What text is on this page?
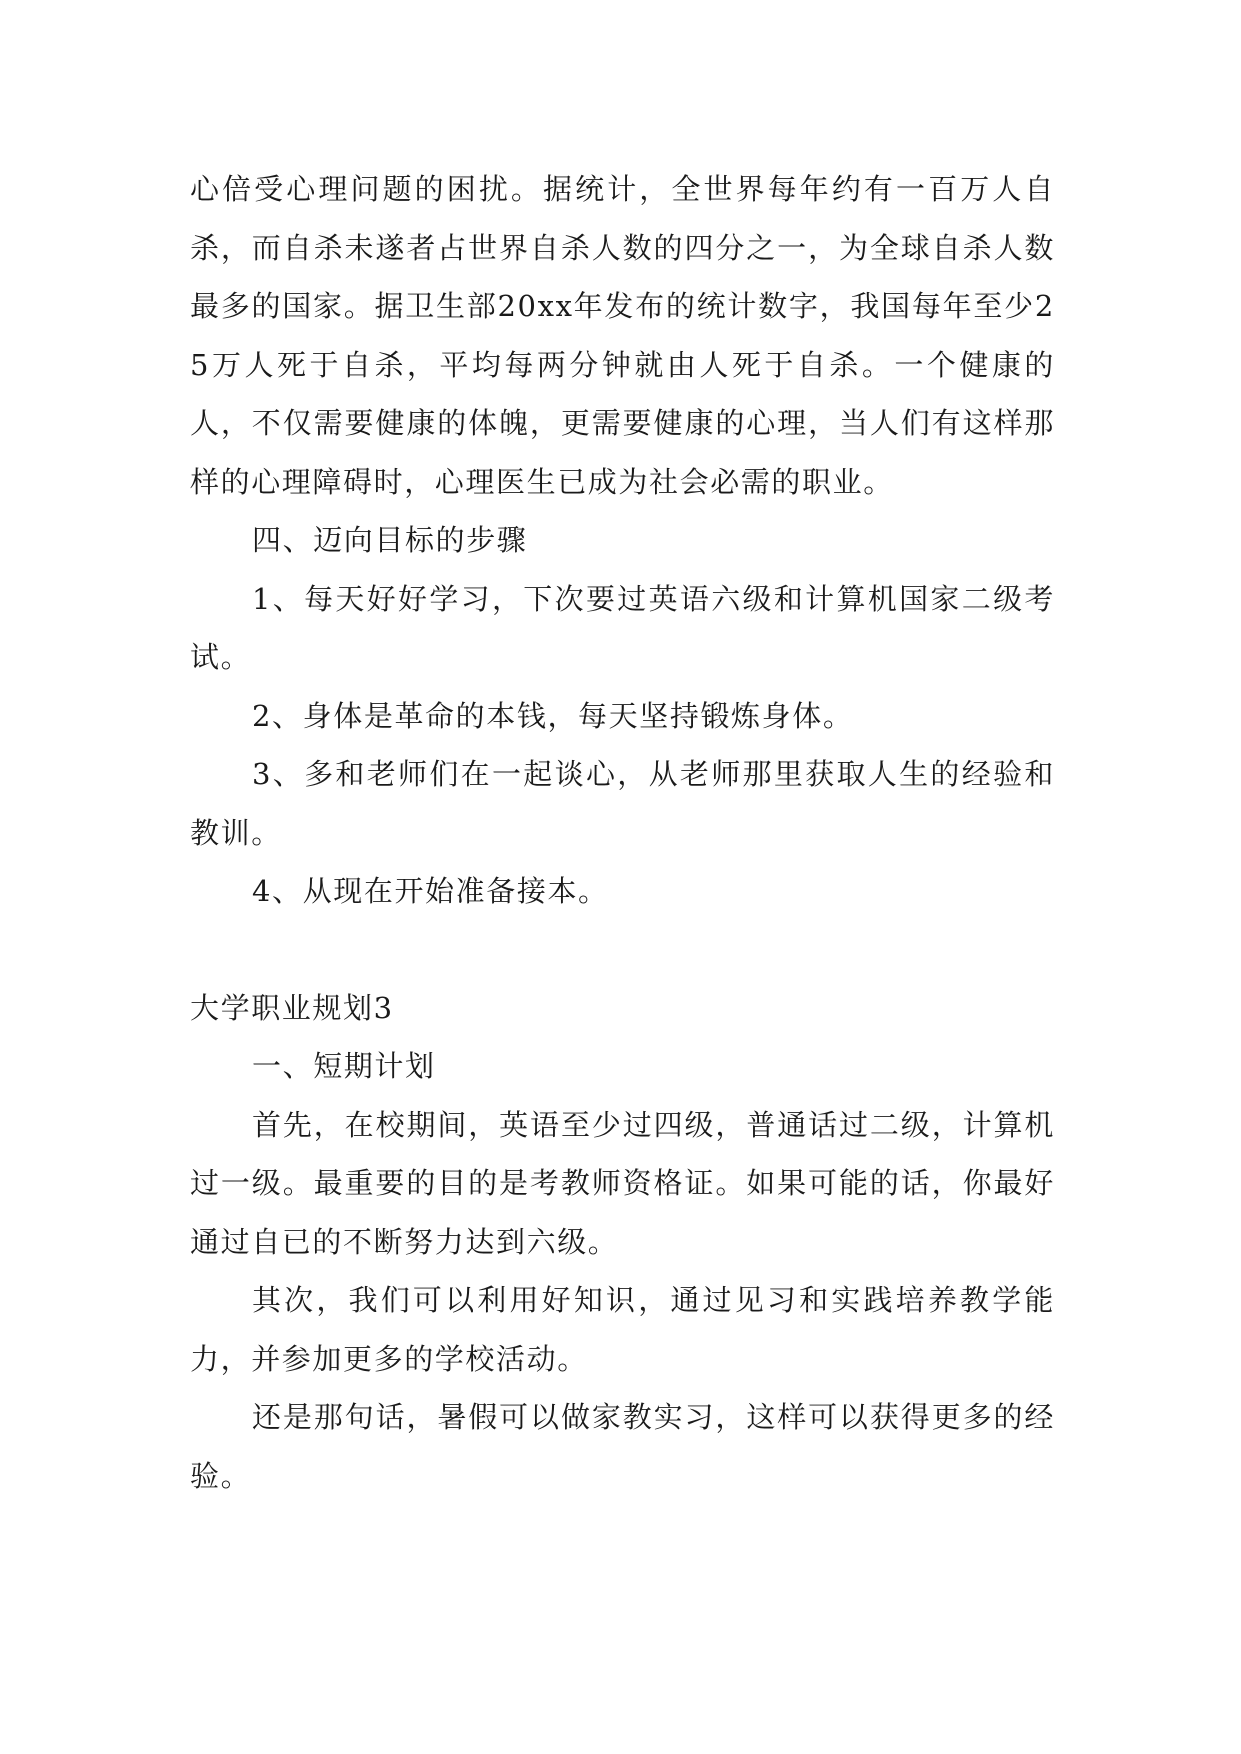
心倍受心理问题的困扰。据统计，全世界每年约有一百万人自杀，而自杀未遂者占世界自杀人数的四分之一，为全球自杀人数最多的国家。据卫生部20xx年发布的统计数字，我国每年至少25万人死于自杀，平均每两分钟就由人死于自杀。一个健康的人，不仅需要健康的体魄，更需要健康的心理，当人们有这样那样的心理障碍时，心理医生已成为社会必需的职业。

四、迈向目标的步骤

1、每天好好学习，下次要过英语六级和计算机国家二级考试。

2、身体是革命的本钱，每天坚持锻炼身体。

3、多和老师们在一起谈心，从老师那里获取人生的经验和教训。

4、从现在开始准备接本。

大学职业规划3

一、短期计划

首先，在校期间，英语至少过四级，普通话过二级，计算机过一级。最重要的目的是考教师资格证。如果可能的话，你最好通过自已的不断努力达到六级。

其次，我们可以利用好知识，通过见习和实践培养教学能力，并参加更多的学校活动。

还是那句话，暑假可以做家教实习，这样可以获得更多的经验。
